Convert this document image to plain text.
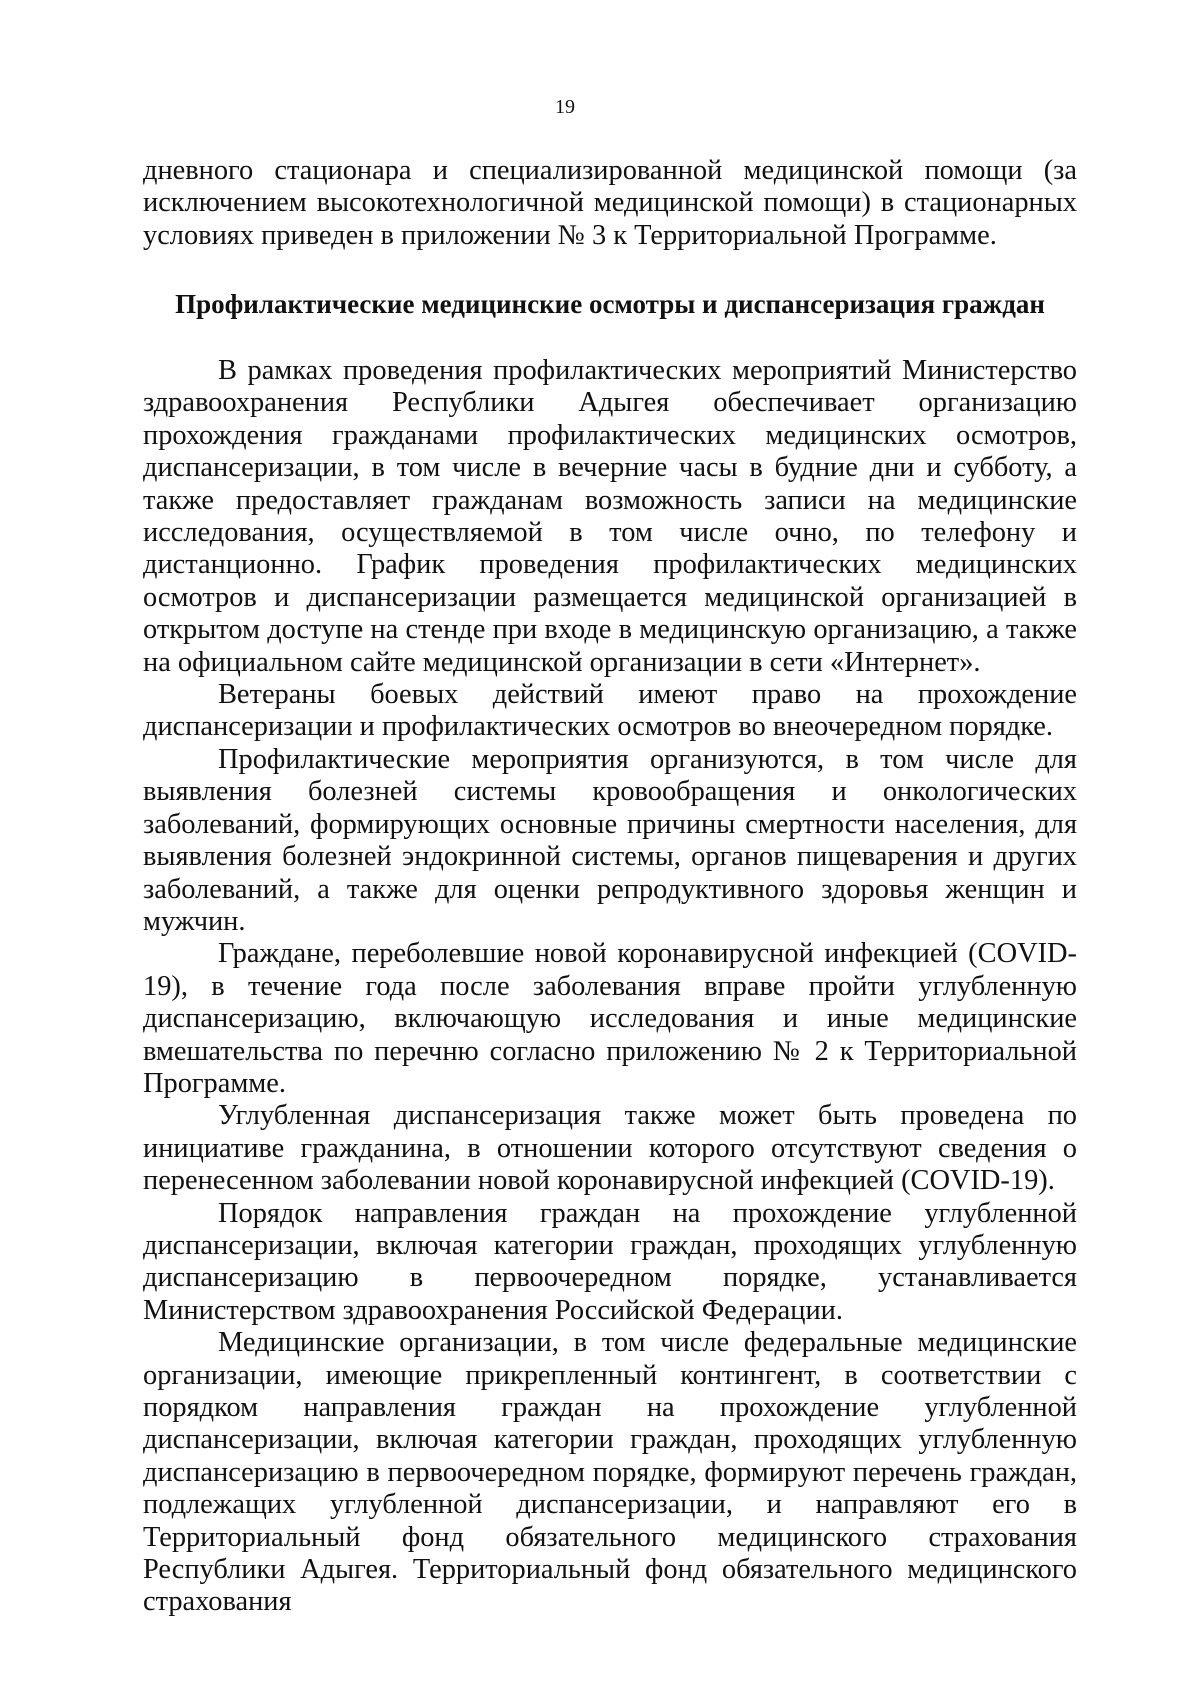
19

дневного стационара и специализированной медицинской помощи (за исключением высокотехнологичной медицинской помощи) в стационарных условиях приведен в приложении № 3 к Территориальной Программе.

Профилактические медицинские осмотры и диспансеризация граждан

В рамках проведения профилактических мероприятий Министерство здравоохранения Республики Адыгея обеспечивает организацию прохождения гражданами профилактических медицинских осмотров, диспансеризации, в том числе в вечерние часы в будние дни и субботу, а также предоставляет гражданам возможность записи на медицинские исследования, осуществляемой в том числе очно, по телефону и дистанционно. График проведения профилактических медицинских осмотров и диспансеризации размещается медицинской организацией в открытом доступе на стенде при входе в медицинскую организацию, а также на официальном сайте медицинской организации в сети «Интернет».

Ветераны боевых действий имеют право на прохождение диспансеризации и профилактических осмотров во внеочередном порядке.

Профилактические мероприятия организуются, в том числе для выявления болезней системы кровообращения и онкологических заболеваний, формирующих основные причины смертности населения, для выявления болезней эндокринной системы, органов пищеварения и других заболеваний, а также для оценки репродуктивного здоровья женщин и мужчин.

Граждане, переболевшие новой коронавирусной инфекцией (COVID-19), в течение года после заболевания вправе пройти углубленную диспансеризацию, включающую исследования и иные медицинские вмешательства по перечню согласно приложению № 2 к Территориальной Программе.

Углубленная диспансеризация также может быть проведена по инициативе гражданина, в отношении которого отсутствуют сведения о перенесенном заболевании новой коронавирусной инфекцией (COVID-19).

Порядок направления граждан на прохождение углубленной диспансеризации, включая категории граждан, проходящих углубленную диспансеризацию в первоочередном порядке, устанавливается Министерством здравоохранения Российской Федерации.

Медицинские организации, в том числе федеральные медицинские организации, имеющие прикрепленный контингент, в соответствии с порядком направления граждан на прохождение углубленной диспансеризации, включая категории граждан, проходящих углубленную диспансеризацию в первоочередном порядке, формируют перечень граждан, подлежащих углубленной диспансеризации, и направляют его в Территориальный фонд обязательного медицинского страхования Республики Адыгея. Территориальный фонд обязательного медицинского страхования
